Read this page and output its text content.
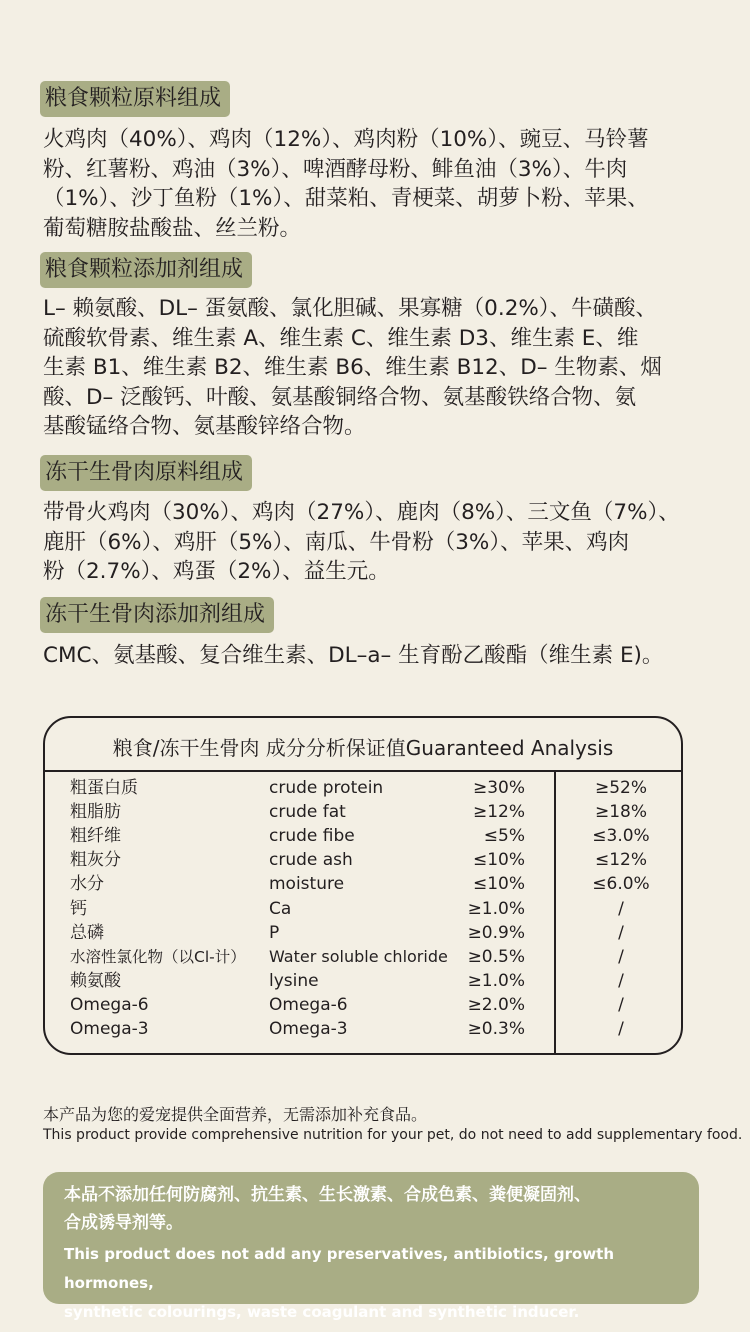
粮食颗粒原料组成

火鸡肉（40%）、鸡肉（12%）、鸡肉粉（10%）、豌豆、马铃薯
粉、红薯粉、鸡油（3%）、啤酒酵母粉、鲱鱼油（3%）、牛肉
（1%）、沙丁鱼粉（1%）、甜菜粕、青梗菜、胡萝卜粉、苹果、
葡萄糖胺盐酸盐、丝兰粉。

粮食颗粒添加剂组成

L– 赖氨酸、DL– 蛋氨酸、氯化胆碱、果寡糖（0.2%）、牛磺酸、
硫酸软骨素、维生素 A、维生素 C、维生素 D3、维生素 E、维
生素 B1、维生素 B2、维生素 B6、维生素 B12、D– 生物素、烟
酸、D– 泛酸钙、叶酸、氨基酸铜络合物、氨基酸铁络合物、氨
基酸锰络合物、氨基酸锌络合物。

冻干生骨肉原料组成

带骨火鸡肉（30%）、鸡肉（27%）、鹿肉（8%）、三文鱼（7%）、
鹿肝（6%）、鸡肝（5%）、南瓜、牛骨粉（3%）、苹果、鸡肉
粉（2.7%）、鸡蛋（2%）、益生元。

冻干生骨肉添加剂组成

CMC、氨基酸、复合维生素、DL–a– 生育酚乙酸酯（维生素 E)。

粮食/冻干生骨肉 成分分析保证值Guaranteed Analysis
粗蛋白质	crude protein	≥30%	≥52%
粗脂肪	crude fat	≥12%	≥18%
粗纤维	crude fibe	≤5%	≤3.0%
粗灰分	crude ash	≤10%	≤12%
水分	moisture	≤10%	≤6.0%
钙	Ca	≥1.0%	/
总磷	P	≥0.9%	/
水溶性氯化物（以Cl-计） Water soluble chloride ≥0.5%	/
赖氨酸	lysine	≥1.0%	/
Omega-6	Omega-6	≥2.0%	/
Omega-3	Omega-3	≥0.3%	/
本产品为您的爱宠提供全面营养，无需添加补充食品。
This product provide comprehensive nutrition for your pet, do not need to add supplementary food.
本品不添加任何防腐剂、抗生素、生长激素、合成色素、粪便凝固剂、
合成诱导剂等。
This product does not add any preservatives, antibiotics, growth hormones,
synthetic colourings, waste coagulant and synthetic inducer.
